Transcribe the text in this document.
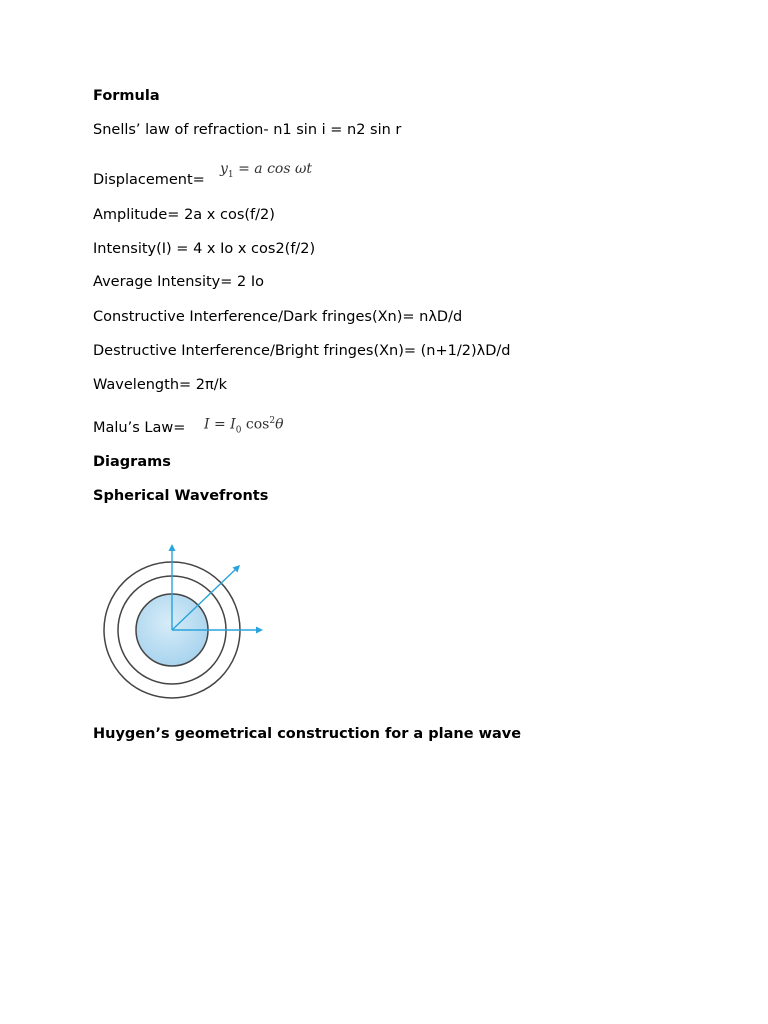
Formula
Snells’ law of refraction- n1 sin i = n2 sin r
Displacement=
$y_1 = a$ cos ωt
Amplitude= 2a x cos(f/2)
Intensity(I) = 4 x Io x cos2(f/2)
Average Intensity= 2 Io
Constructive Interference/Dark fringes(Xn)= nλD/d
Destructive Interference/Bright fringes(Xn)= (n+1/2)λD/d
Wavelength= 2π/k
Malu’s $Law= I = I_0$ $\cos^2\theta$
Diagrams
Spherical Wavefronts
Huygen’s geometrical construction for a plane wave
